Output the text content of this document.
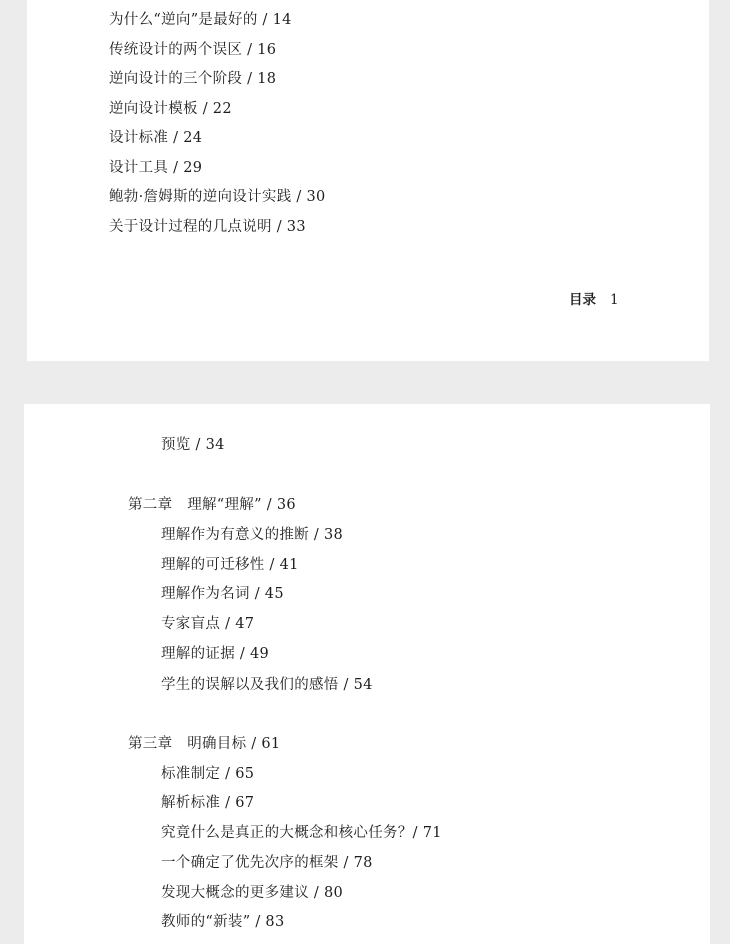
为什么“逆向”是最好的 / 14
传统设计的两个误区 / 16
逆向设计的三个阶段 / 18
逆向设计模板 / 22
设计标准 / 24
设计工具 / 29
鲍勃·詹姆斯的逆向设计实践 / 30
关于设计过程的几点说明 / 33
目录 1
预览 / 34
第二章　理解“理解” / 36
理解作为有意义的推断 / 38
理解的可迁移性 / 41
理解作为名词 / 45
专家盲点 / 47
理解的证据 / 49
学生的误解以及我们的感悟 / 54
第三章　明确目标 / 61
标准制定 / 65
解析标准 / 67
究竟什么是真正的大概念和核心任务？/ 71
一个确定了优先次序的框架 / 78
发现大概念的更多建议 / 80
教师的“新装” / 83
